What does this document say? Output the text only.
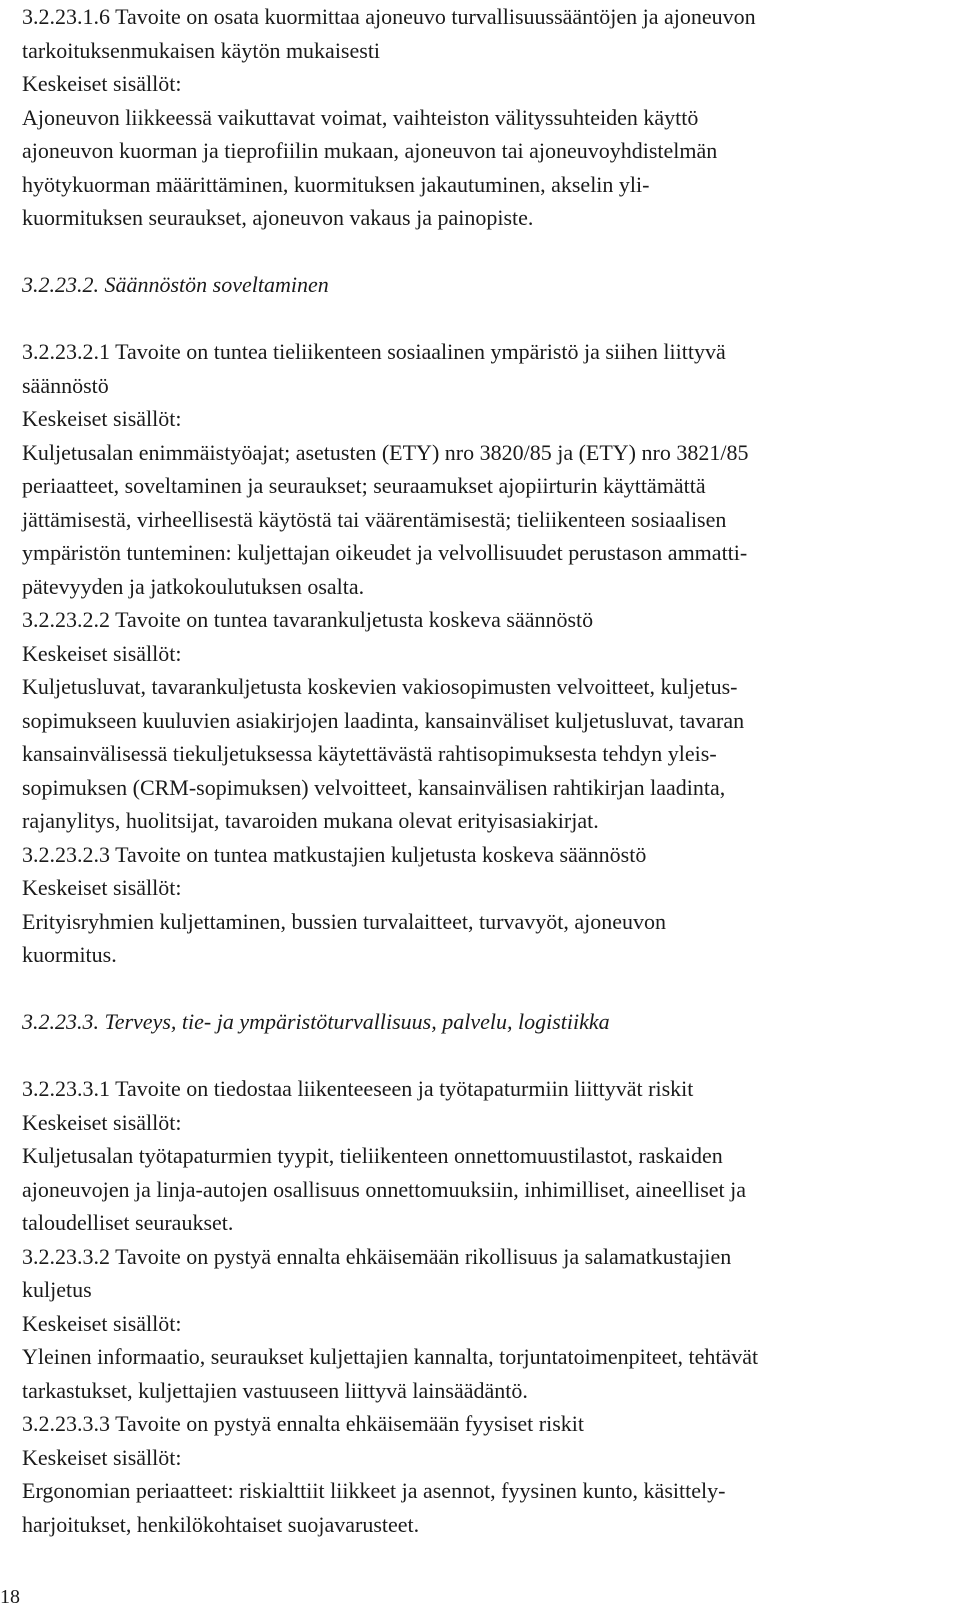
3.2.23.1.6 Tavoite on osata kuormittaa ajoneuvo turvallisuussääntöjen ja ajoneuvon
tarkoituksenmukaisen käytön mukaisesti
Keskeiset sisällöt:
Ajoneuvon liikkeessä vaikuttavat voimat, vaihteiston välityssuhteiden käyttö
ajoneuvon kuorman ja tieprofiilin mukaan, ajoneuvon tai ajoneuvoyhdistelmän
hyötykuorman määrittäminen, kuormituksen jakautuminen, akselin yli-
kuormituksen seuraukset, ajoneuvon vakaus ja painopiste.
3.2.23.2. Säännöstön soveltaminen
3.2.23.2.1 Tavoite on tuntea tieliikenteen sosiaalinen ympäristö ja siihen liittyvä
säännöstö
Keskeiset sisällöt:
Kuljetusalan enimmäistyöajat; asetusten (ETY) nro 3820/85 ja (ETY) nro 3821/85
periaatteet, soveltaminen ja seuraukset; seuraamukset ajopiirturin käyttämättä
jättämisestä, virheellisestä käytöstä tai väärentämisestä; tieliikenteen sosiaalisen
ympäristön tunteminen: kuljettajan oikeudet ja velvollisuudet perustason ammatti-
pätevyyden ja jatkokoulutuksen osalta.
3.2.23.2.2 Tavoite on tuntea tavarankuljetusta koskeva säännöstö
Keskeiset sisällöt:
Kuljetusluvat, tavarankuljetusta koskevien vakiosopimusten velvoitteet, kuljetus-
sopimukseen kuuluvien asiakirjojen laadinta, kansainväliset kuljetusluvat, tavaran
kansainvälisessä tiekuljetuksessa käytettävästä rahtisopimuksesta tehdyn yleis-
sopimuksen (CRM-sopimuksen) velvoitteet, kansainvälisen rahtikirjan laadinta,
rajanylitys, huolitsijat, tavaroiden mukana olevat erityisasiakirjat.
3.2.23.2.3 Tavoite on tuntea matkustajien kuljetusta koskeva säännöstö
Keskeiset sisällöt:
Erityisryhmien kuljettaminen, bussien turvalaitteet, turvavyöt, ajoneuvon
kuormitus.
3.2.23.3. Terveys, tie- ja ympäristöturvallisuus, palvelu, logistiikka
3.2.23.3.1 Tavoite on tiedostaa liikenteeseen ja työtapaturmiin liittyvät riskit
Keskeiset sisällöt:
Kuljetusalan työtapaturmien tyypit, tieliikenteen onnettomuustilastot, raskaiden
ajoneuvojen ja linja-autojen osallisuus onnettomuuksiin, inhimilliset, aineelliset ja
taloudelliset seuraukset.
3.2.23.3.2 Tavoite on pystyä ennalta ehkäisemään rikollisuus ja salamatkustajien
kuljetus
Keskeiset sisällöt:
Yleinen informaatio, seuraukset kuljettajien kannalta, torjuntatoimenpiteet, tehtävät
tarkastukset, kuljettajien vastuuseen liittyvä lainsäädäntö.
3.2.23.3.3 Tavoite on pystyä ennalta ehkäisemään fyysiset riskit
Keskeiset sisällöt:
Ergonomian periaatteet: riskialttiit liikkeet ja asennot, fyysinen kunto, käsittely-
harjoitukset, henkilökohtaiset suojavarusteet.
18
